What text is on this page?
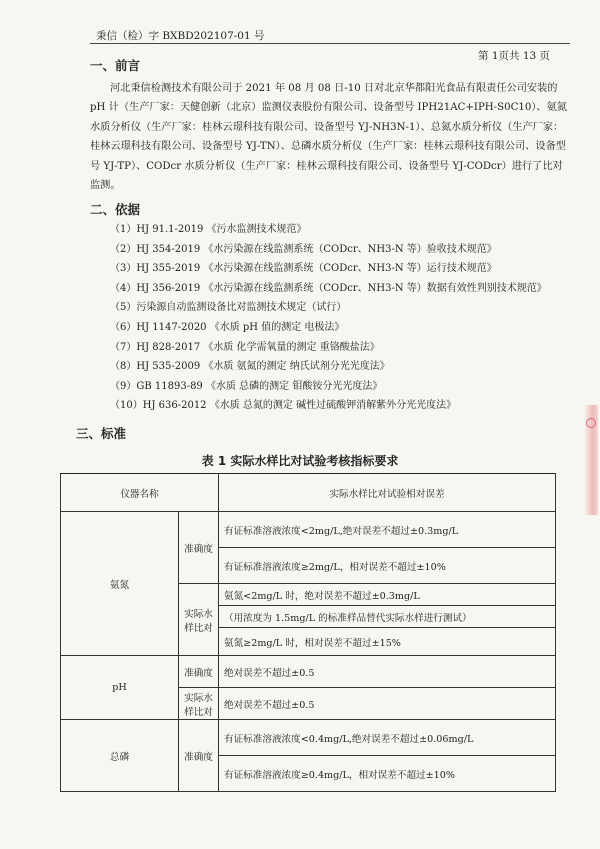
秉信（检）字 BXBD202107-01 号
第 1页共 13 页
一、前言

河北秉信检测技术有限公司于 2021 年 08 月 08 日-10 日对北京华都阳光食品有限责任公司安装的 pH 计（生产厂家：天健创新（北京）监测仪表股份有限公司、设备型号 IPH21AC+IPH-S0C10）、氨氮水质分析仪（生产厂家：桂林云璟科技有限公司、设备型号 YJ-NH3N-1）、总氮水质分析仪（生产厂家：桂林云璟科技有限公司、设备型号 YJ-TN）、总磷水质分析仪（生产厂家：桂林云璟科技有限公司、设备型号 YJ-TP）、CODcr 水质分析仪（生产厂家：桂林云璟科技有限公司、设备型号 YJ-CODcr）进行了比对监测。

二、依据
（1）HJ 91.1-2019 《污水监测技术规范》
（2）HJ 354-2019 《水污染源在线监测系统（CODcr、NH3-N 等）验收技术规范》
（3）HJ 355-2019 《水污染源在线监测系统（CODcr、NH3-N 等）运行技术规范》
（4）HJ 356-2019 《水污染源在线监测系统（CODcr、NH3-N 等）数据有效性判别技术规范》
（5）污染源自动监测设备比对监测技术规定（试行）
（6）HJ 1147-2020 《水质 pH 值的测定 电极法》
（7）HJ 828-2017 《水质 化学需氧量的测定 重铬酸盐法》
（8）HJ 535-2009 《水质 氨氮的测定 纳氏试剂分光光度法》
（9）GB 11893-89 《水质 总磷的测定 钼酸铵分光光度法》
（10）HJ 636-2012 《水质 总氮的测定 碱性过硫酸钾消解紫外分光光度法》
三、标准
表 1 实际水样比对试验考核指标要求
仪器名称		实际水样比对试验相对误差
氨氮	准确度	有证标准溶液浓度<2mg/L,绝对误差不超过±0.3mg/L
		有证标准溶液浓度≥2mg/L，相对误差不超过±10%
	实际水样比对	氨氮<2mg/L 时，绝对误差不超过±0.3mg/L
		（用浓度为 1.5mg/L 的标准样品替代实际水样进行测试）
		氨氮≥2mg/L 时，相对误差不超过±15%
pH	准确度	绝对误差不超过±0.5
	实际水样比对	绝对误差不超过±0.5
总磷	准确度	有证标准溶液浓度<0.4mg/L,绝对误差不超过±0.06mg/L
		有证标准溶液浓度≥0.4mg/L，相对误差不超过±10%
